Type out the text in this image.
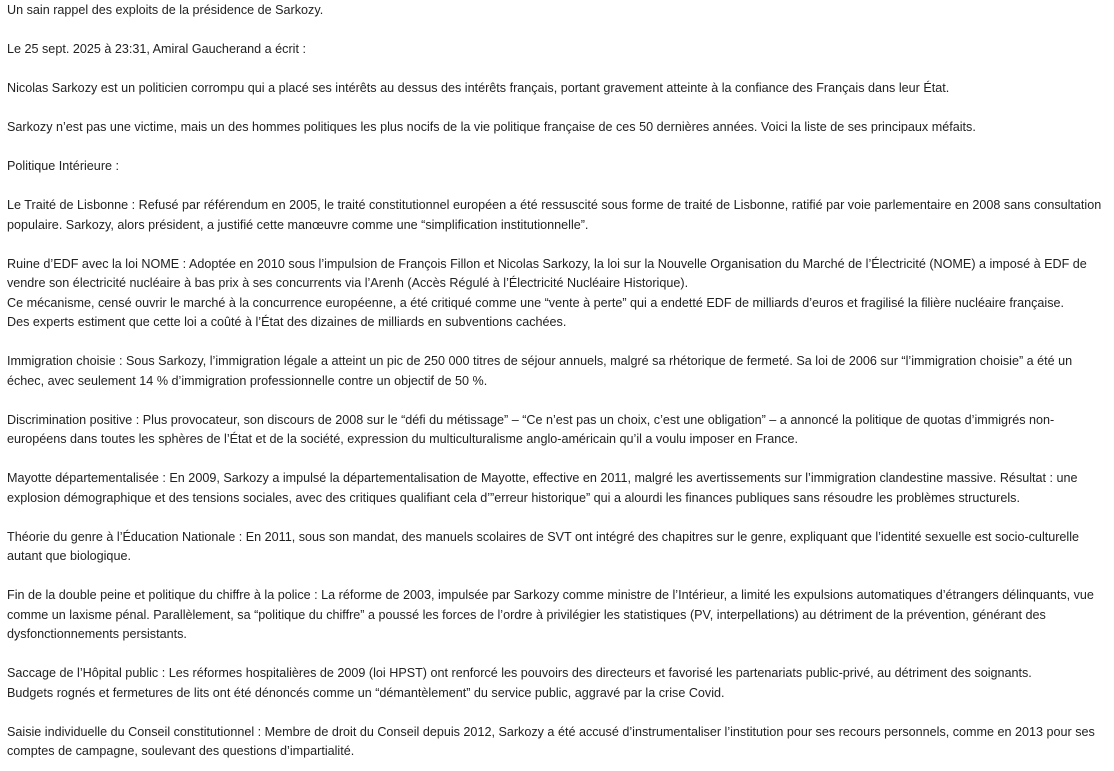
Un sain rappel des exploits de la présidence de Sarkozy.

Le 25 sept. 2025 à 23:31, Amiral Gaucherand a écrit :

Nicolas Sarkozy est un politicien corrompu qui a placé ses intérêts au dessus des intérêts français, portant gravement atteinte à la confiance des Français dans leur État.

Sarkozy n’est pas une victime, mais un des hommes politiques les plus nocifs de la vie politique française de ces 50 dernières années. Voici la liste de ses principaux méfaits.

Politique Intérieure :

Le Traité de Lisbonne : Refusé par référendum en 2005, le traité constitutionnel européen a été ressuscité sous forme de traité de Lisbonne, ratifié par voie parlementaire en 2008 sans consultation populaire. Sarkozy, alors président, a justifié cette manœuvre comme une “simplification institutionnelle”.

Ruine d’EDF avec la loi NOME : Adoptée en 2010 sous l’impulsion de François Fillon et Nicolas Sarkozy, la loi sur la Nouvelle Organisation du Marché de l’Électricité (NOME) a imposé à EDF de vendre son électricité nucléaire à bas prix à ses concurrents via l’Arenh (Accès Régulé à l’Électricité Nucléaire Historique).
Ce mécanisme, censé ouvrir le marché à la concurrence européenne, a été critiqué comme une “vente à perte” qui a endetté EDF de milliards d’euros et fragilisé la filière nucléaire française.
Des experts estiment que cette loi a coûté à l’État des dizaines de milliards en subventions cachées.

Immigration choisie : Sous Sarkozy, l’immigration légale a atteint un pic de 250 000 titres de séjour annuels, malgré sa rhétorique de fermeté. Sa loi de 2006 sur “l’immigration choisie” a été un échec, avec seulement 14 % d’immigration professionnelle contre un objectif de 50 %.

Discrimination positive : Plus provocateur, son discours de 2008 sur le “défi du métissage” – “Ce n’est pas un choix, c’est une obligation” – a annoncé la politique de quotas d’immigrés non-européens dans toutes les sphères de l’État et de la société, expression du multiculturalisme anglo-américain qu’il a voulu imposer en France.

Mayotte départementalisée : En 2009, Sarkozy a impulsé la départementalisation de Mayotte, effective en 2011, malgré les avertissements sur l’immigration clandestine massive. Résultat : une explosion démographique et des tensions sociales, avec des critiques qualifiant cela d’”erreur historique” qui a alourdi les finances publiques sans résoudre les problèmes structurels.

Théorie du genre à l’Éducation Nationale : En 2011, sous son mandat, des manuels scolaires de SVT ont intégré des chapitres sur le genre, expliquant que l’identité sexuelle est socio-culturelle autant que biologique.

Fin de la double peine et politique du chiffre à la police : La réforme de 2003, impulsée par Sarkozy comme ministre de l’Intérieur, a limité les expulsions automatiques d’étrangers délinquants, vue comme un laxisme pénal. Parallèlement, sa “politique du chiffre” a poussé les forces de l’ordre à privilégier les statistiques (PV, interpellations) au détriment de la prévention, générant des dysfonctionnements persistants.

Saccage de l’Hôpital public : Les réformes hospitalières de 2009 (loi HPST) ont renforcé les pouvoirs des directeurs et favorisé les partenariats public-privé, au détriment des soignants.
Budgets rognés et fermetures de lits ont été dénoncés comme un “démantèlement” du service public, aggravé par la crise Covid.

Saisie individuelle du Conseil constitutionnel : Membre de droit du Conseil depuis 2012, Sarkozy a été accusé d’instrumentaliser l’institution pour ses recours personnels, comme en 2013 pour ses comptes de campagne, soulevant des questions d’impartialité.
